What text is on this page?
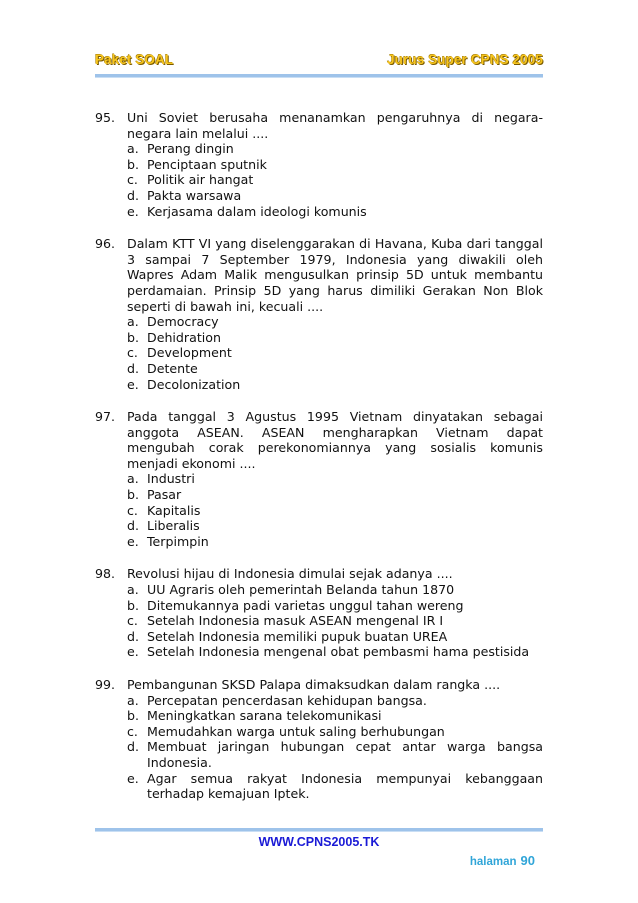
Paket SOAL	Jurus Super CPNS 2005
95. Uni Soviet berusaha menanamkan pengaruhnya di negara-negara lain melalui ....
a. Perang dingin
b. Penciptaan sputnik
c. Politik air hangat
d. Pakta warsawa
e. Kerjasama dalam ideologi komunis
96. Dalam KTT VI yang diselenggarakan di Havana, Kuba dari tanggal 3 sampai 7 September 1979, Indonesia yang diwakili oleh Wapres Adam Malik mengusulkan prinsip 5D untuk membantu perdamaian. Prinsip 5D yang harus dimiliki Gerakan Non Blok seperti di bawah ini, kecuali ....
a. Democracy
b. Dehidration
c. Development
d. Detente
e. Decolonization
97. Pada tanggal 3 Agustus 1995 Vietnam dinyatakan sebagai anggota ASEAN. ASEAN mengharapkan Vietnam dapat mengubah corak perekonomiannya yang sosialis komunis menjadi ekonomi ....
a. Industri
b. Pasar
c. Kapitalis
d. Liberalis
e. Terpimpin
98. Revolusi hijau di Indonesia dimulai sejak adanya ....
a. UU Agraris oleh pemerintah Belanda tahun 1870
b. Ditemukannya padi varietas unggul tahan wereng
c. Setelah Indonesia masuk ASEAN mengenal IR I
d. Setelah Indonesia memiliki pupuk buatan UREA
e. Setelah Indonesia mengenal obat pembasmi hama pestisida
99. Pembangunan SKSD Palapa dimaksudkan dalam rangka ....
a. Percepatan pencerdasan kehidupan bangsa.
b. Meningkatkan sarana telekomunikasi
c. Memudahkan warga untuk saling berhubungan
d. Membuat jaringan hubungan cepat antar warga bangsa Indonesia.
e. Agar semua rakyat Indonesia mempunyai kebanggaan terhadap kemajuan Iptek.
WWW.CPNS2005.TK
halaman 90
